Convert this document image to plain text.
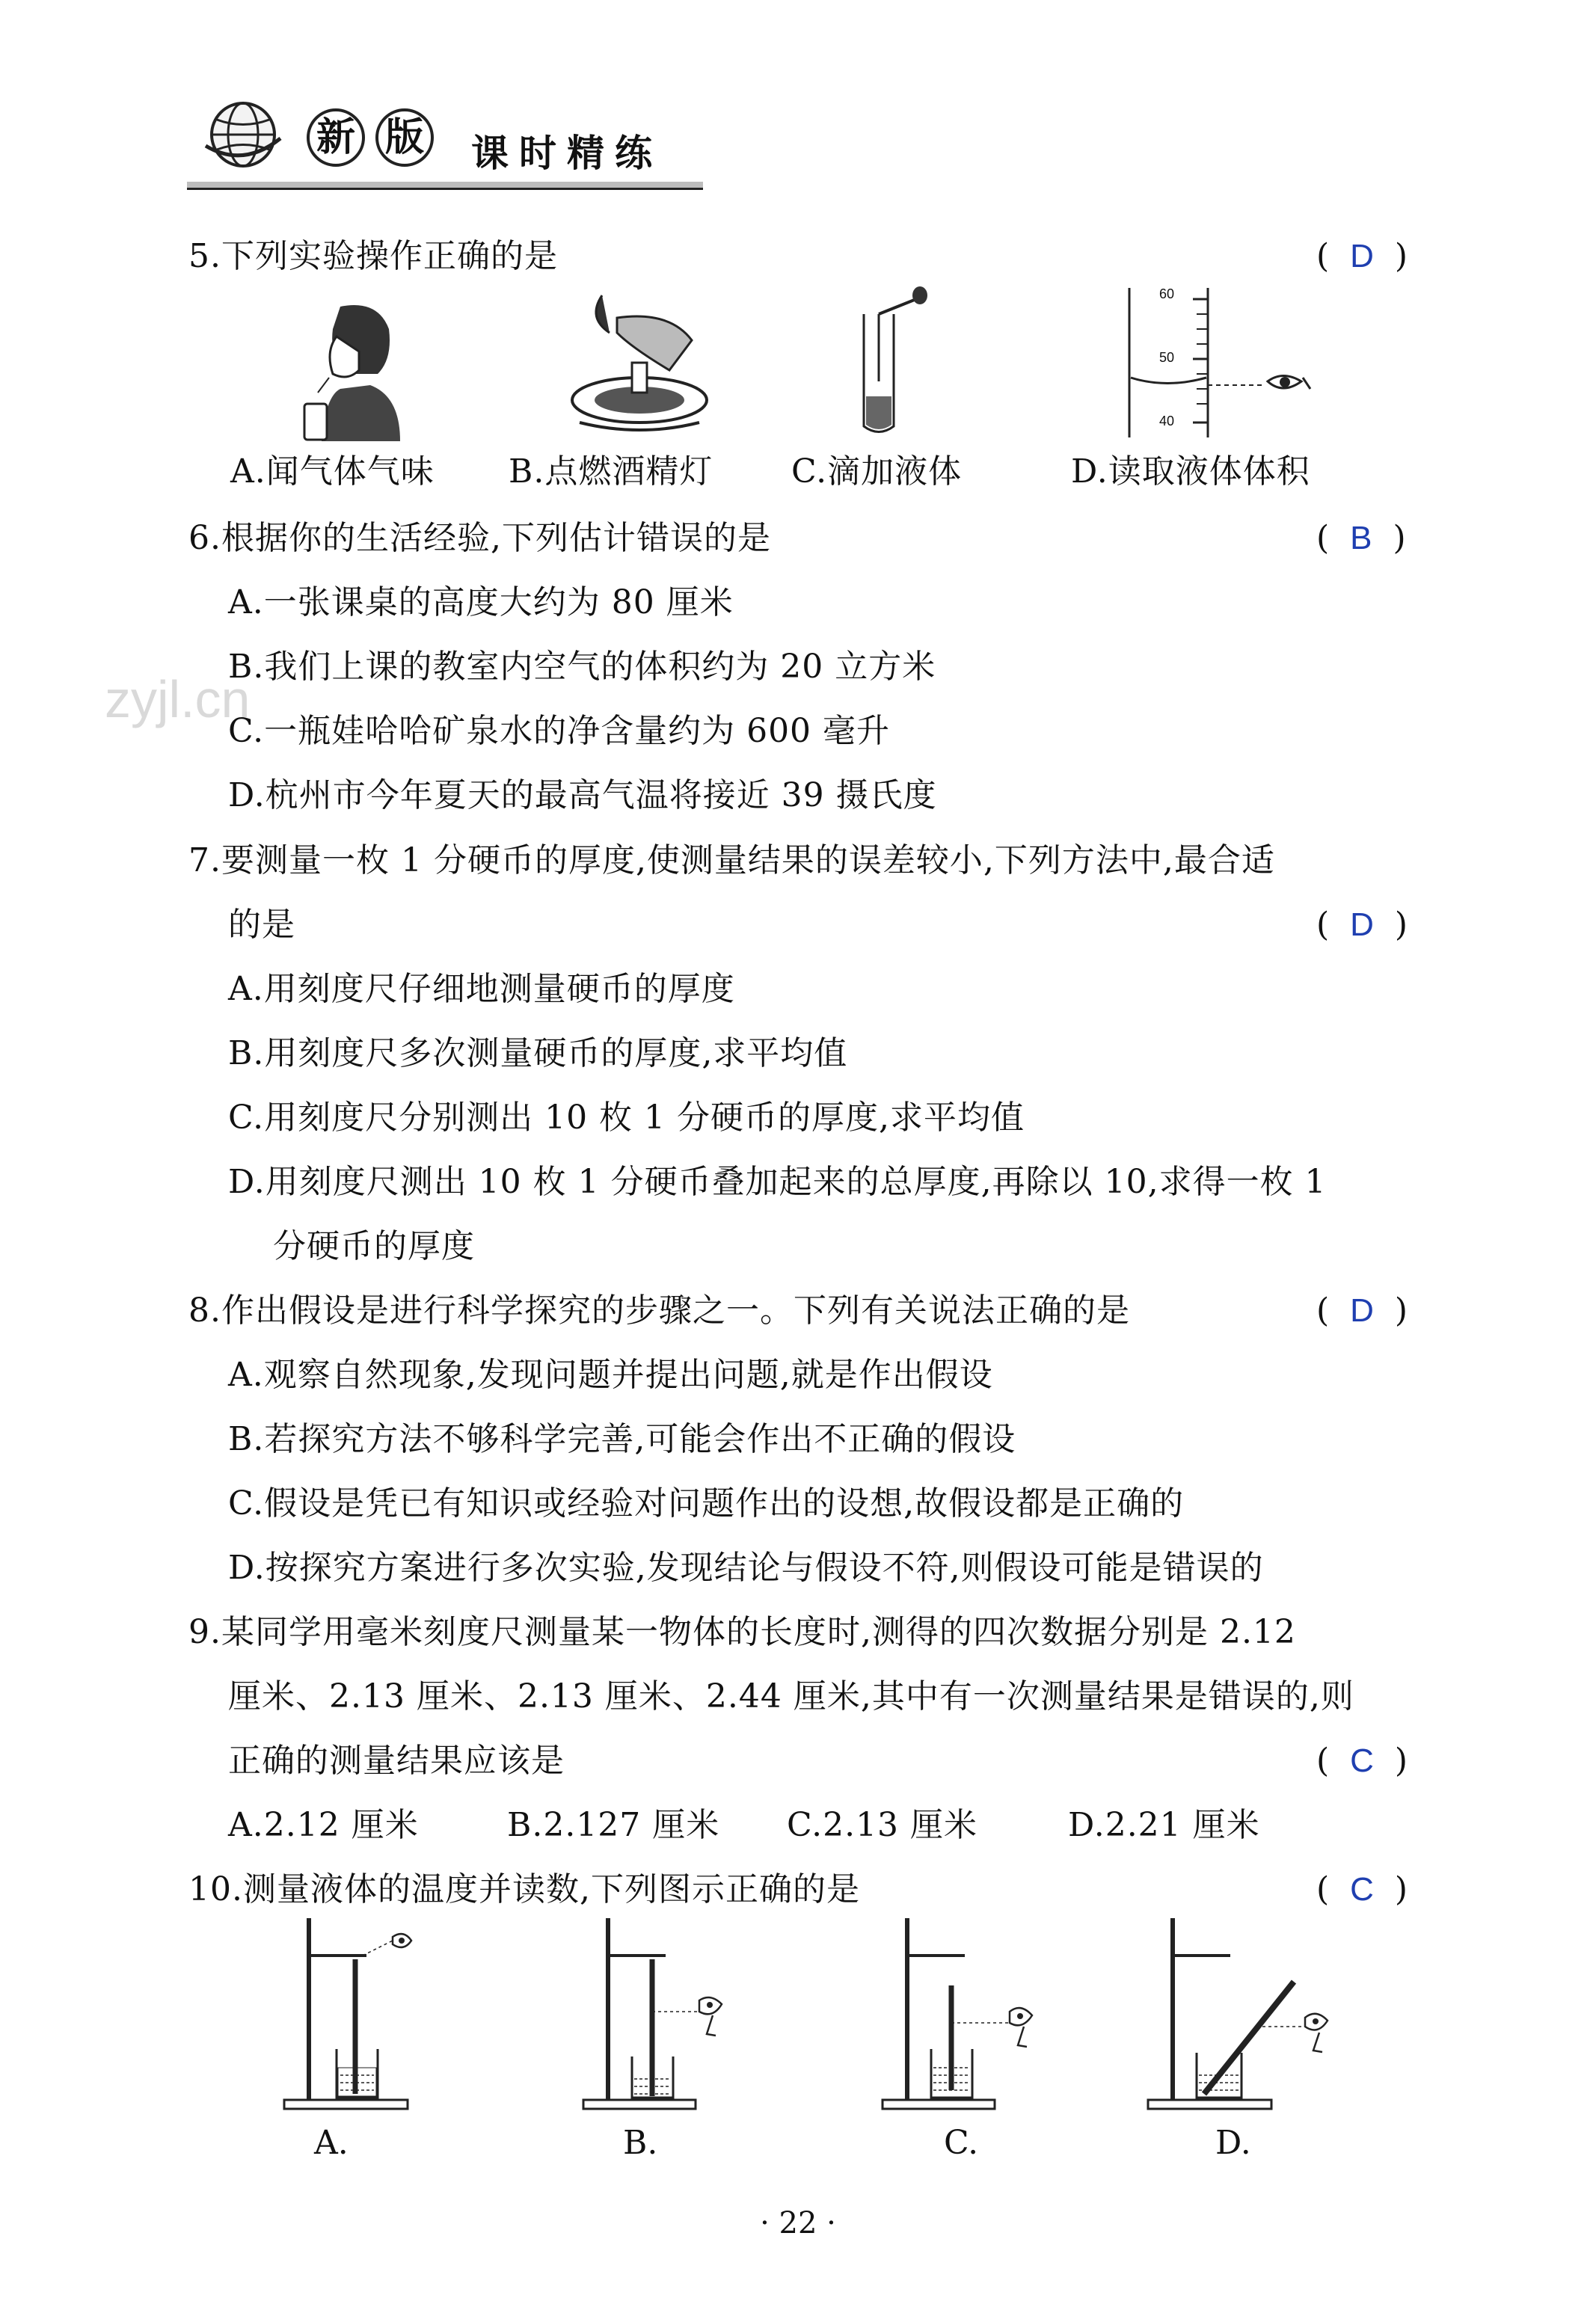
新 版 课时精练
zyjl.cn
5.下列实验操作正确的是	(  D  )
60
50
40
A.闻气体气味 B.点燃酒精灯 C.滴加液体	D.读取液体体积
6.根据你的生活经验,下列估计错误的是	(  B  )
A.一张课桌的高度大约为 80 厘米
B.我们上课的教室内空气的体积约为 20 立方米
C.一瓶娃哈哈矿泉水的净含量约为 600 毫升
D.杭州市今年夏天的最高气温将接近 39 摄氏度
7.要测量一枚 1 分硬币的厚度,使测量结果的误差较小,下列方法中,最合适
的是	(  D  )
A.用刻度尺仔细地测量硬币的厚度
B.用刻度尺多次测量硬币的厚度,求平均值
C.用刻度尺分别测出 10 枚 1 分硬币的厚度,求平均值
D.用刻度尺测出 10 枚 1 分硬币叠加起来的总厚度,再除以 10,求得一枚 1
分硬币的厚度
8.作出假设是进行科学探究的步骤之一。下列有关说法正确的是	(  D  )
A.观察自然现象,发现问题并提出问题,就是作出假设
B.若探究方法不够科学完善,可能会作出不正确的假设
C.假设是凭已有知识或经验对问题作出的设想,故假设都是正确的
D.按探究方案进行多次实验,发现结论与假设不符,则假设可能是错误的
9.某同学用毫米刻度尺测量某一物体的长度时,测得的四次数据分别是 2.12
厘米、2.13 厘米、2.13 厘米、2.44 厘米,其中有一次测量结果是错误的,则
正确的测量结果应该是	(  C  )
A.2.12 厘米	B.2.127 厘米 C.2.13 厘米	D.2.21 厘米
10.测量液体的温度并读数,下列图示正确的是	(  C  )
A.	B.	C.	D.
· 22 ·
